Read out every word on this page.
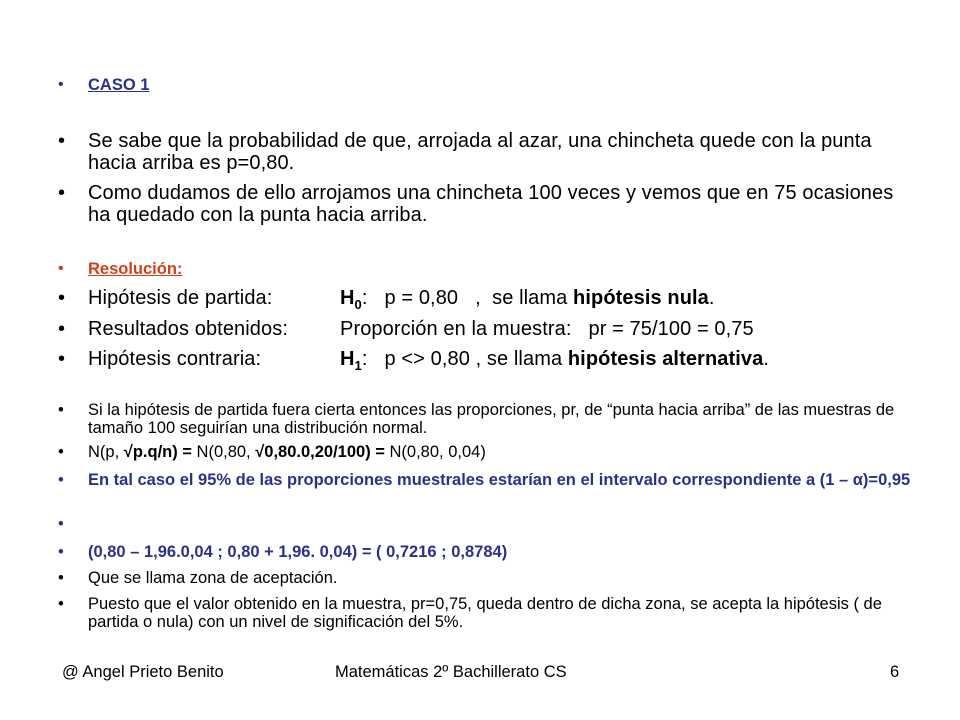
• CASO 1
• Se sabe que la probabilidad de que, arrojada al azar, una chincheta quede con la punta hacia arriba es p=0,80.
• Como dudamos de ello arrojamos una chincheta 100 veces y vemos que en 75 ocasiones ha quedado con la punta hacia arriba.
• Resolución:
• Hipótesis de partida:	$H_0$:   p = 0,80   ,  se llama hipótesis nula.
• Resultados obtenidos:	Proporción en la muestra:   pr = 75/100 = 0,75
• Hipótesis contraria:	$H_1$:   p <> 0,80 , se llama hipótesis alternativa.
• Si la hipótesis de partida fuera cierta entonces las proporciones, pr, de “punta hacia arriba” de las muestras de tamaño 100 seguirían una distribución normal.
• N(p, √p.q/n) = N(0,80, √0,80.0,20/100) = N(0,80, 0,04)
• En tal caso el 95% de las proporciones muestrales estarían en el intervalo correspondiente a (1 – α)=0,95
•
• (0,80 – 1,96.0,04 ; 0,80 + 1,96. 0,04) = ( 0,7216 ; 0,8784)
• Que se llama zona de aceptación.
• Puesto que el valor obtenido en la muestra, pr=0,75, queda dentro de dicha zona, se acepta la hipótesis ( de partida o nula) con un nivel de significación del 5%.
@ Angel Prieto Benito	Matemáticas 2º Bachillerato CS	6
